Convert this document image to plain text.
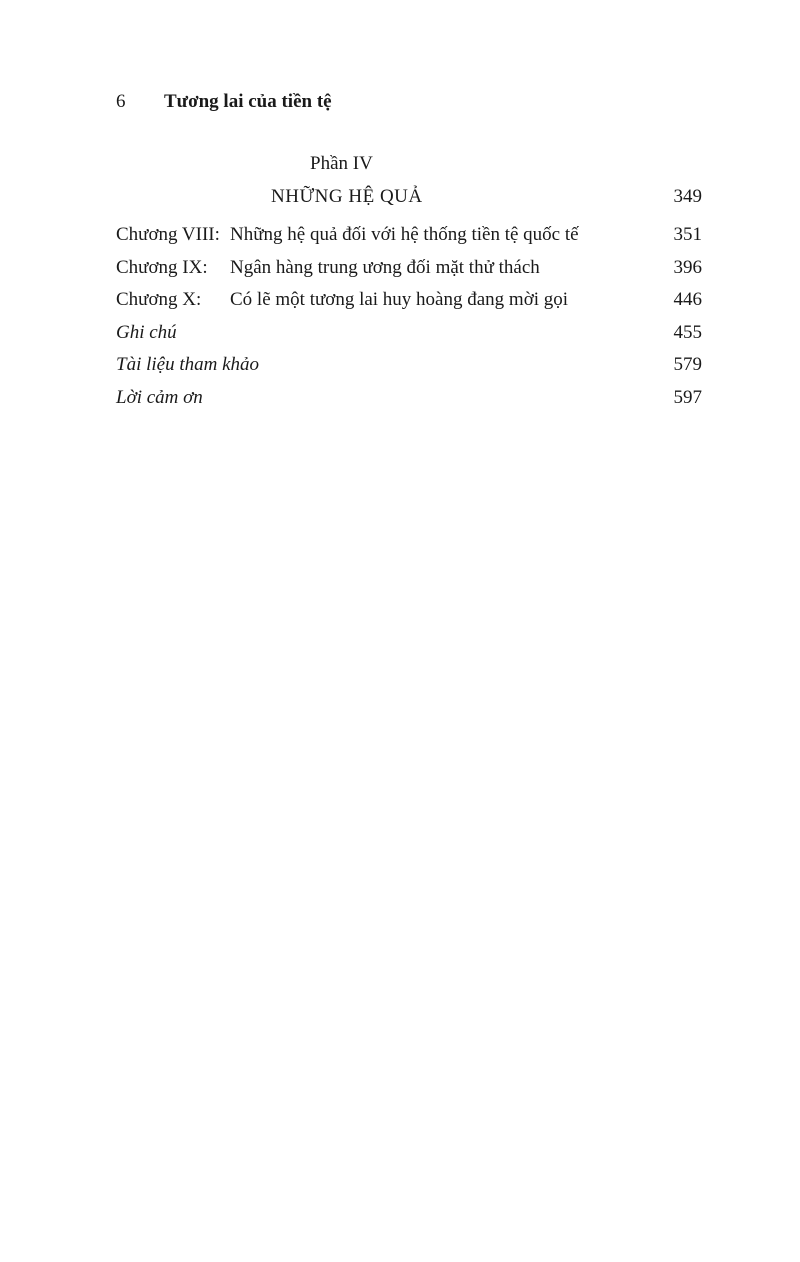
6 Tương lai của tiền tệ
Phần IV
NHỮNG HỆ QUẢ	349
Chương VIII: Những hệ quả đối với hệ thống tiền tệ quốc tế	351
Chương IX: Ngân hàng trung ương đối mặt thử thách	396
Chương X: Có lẽ một tương lai huy hoàng đang mời gọi	446
Ghi chú	455
Tài liệu tham khảo	579
Lời cảm ơn	597
